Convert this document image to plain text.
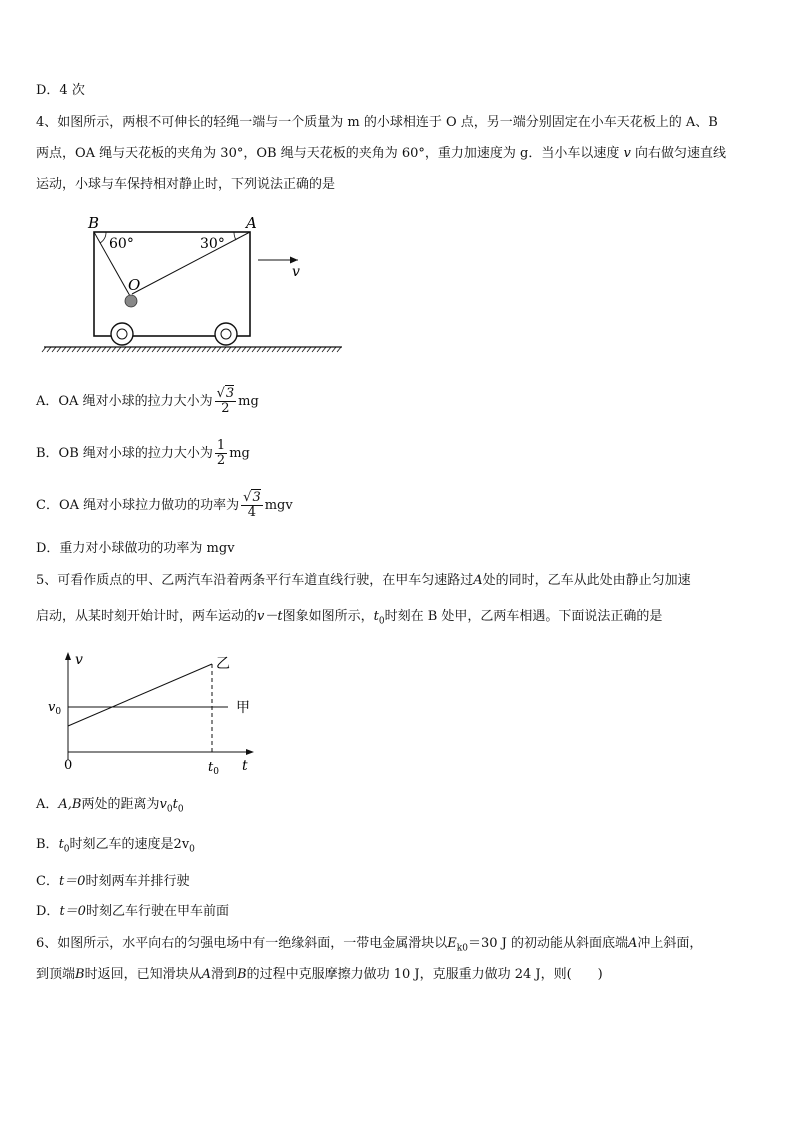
D．4 次
4、如图所示，两根不可伸长的轻绳一端与一个质量为 m 的小球相连于 O 点，另一端分别固定在小车天花板上的 A、B
两点，OA 绳与天花板的夹角为 30°，OB 绳与天花板的夹角为 60°，重力加速度为 g．当小车以速度 v 向右做匀速直线
运动，小球与车保持相对静止时，下列说法正确的是
B	A
O
60°	30°
v
A．OA 绳对小球的拉力大小为 $\frac{√3}{2}$ mg
B．OB 绳对小球的拉力大小为 $\frac{1}{2}$ mg
C．OA 绳对小球拉力做功的功率为 $\frac{√3}{4}$ mgv
D．重力对小球做功的功率为 mgv
5、可看作质点的甲、乙两汽车沿着两条平行车道直线行驶，在甲车匀速路过A处的同时，乙车从此处由静止匀加速
启动，从某时刻开始计时，两车运动的v－t图象如图所示，$t_0$时刻在 B 处甲，乙两车相遇。下面说法正确的是
v
t
0
$v_0$
$t_0$
甲
乙
A．A,B两处的距离为$v_0t_0$
B．$t_0$时刻乙车的速度是$2v_0$
C．t＝0时刻两车并排行驶
D．t＝0时刻乙车行驶在甲车前面
6、如图所示，水平向右的匀强电场中有一绝缘斜面，一带电金属滑块以$E_{k0}=30$ J 的初动能从斜面底端A冲上斜面，
到顶端B时返回，已知滑块从A滑到B的过程中克服摩擦力做功 10 J，克服重力做功 24 J，则(　　)
